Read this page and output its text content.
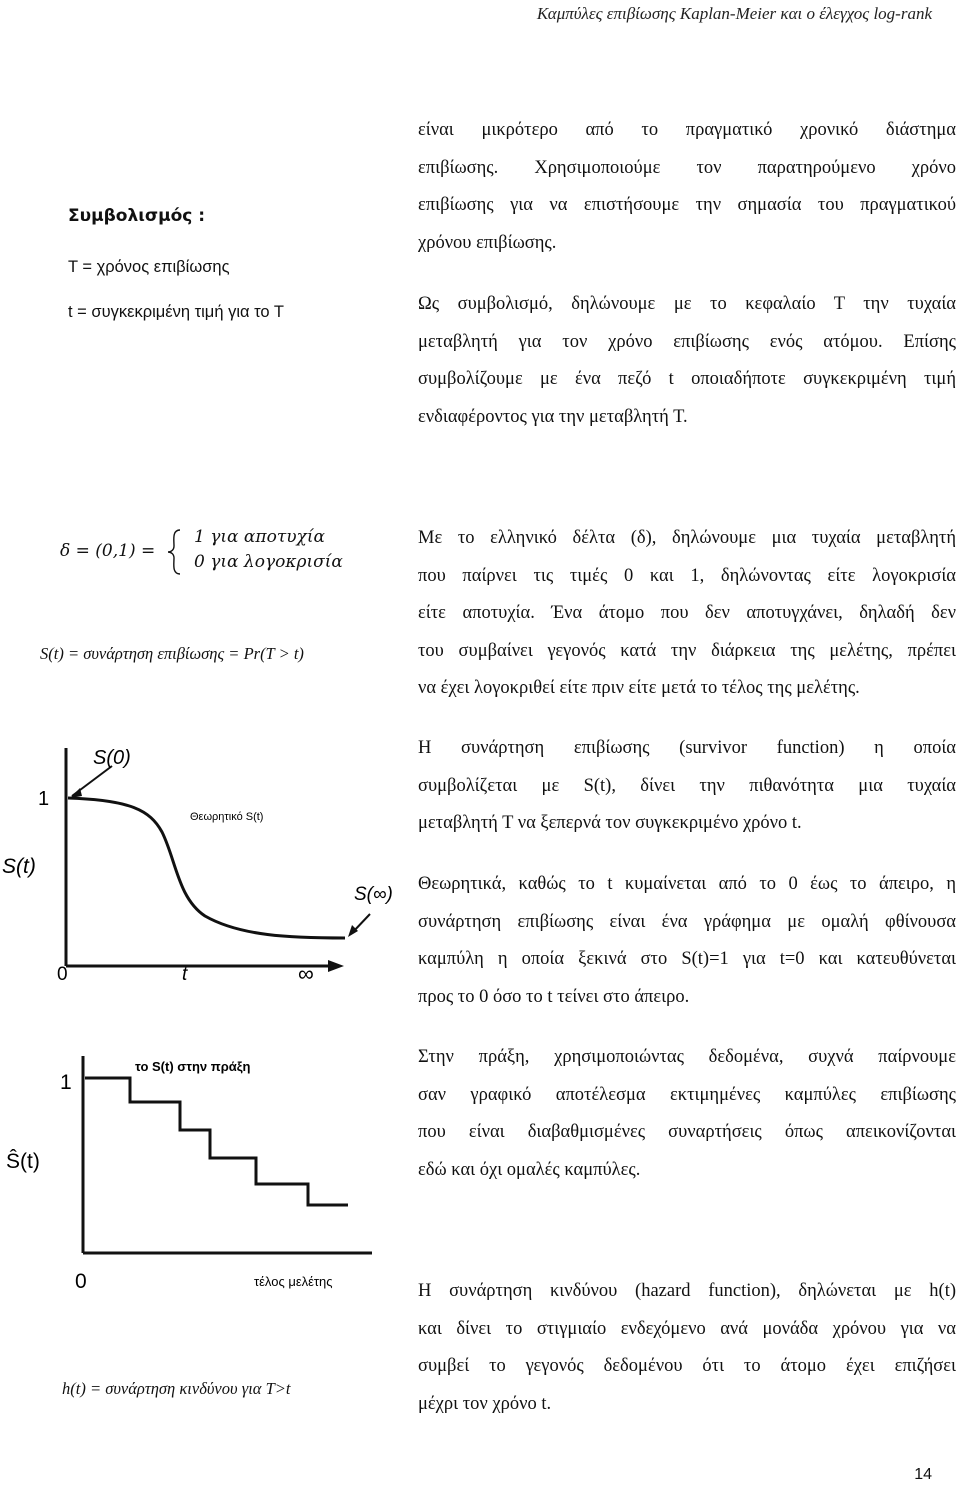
Καμπύλες επιβίωσης Kaplan-Meier και ο έλεγχος log-rank
Συμβολισμός :
Τ = χρόνος επιβίωσης
t = συγκεκριμένη τιμή για το Τ
δ = (0,1) =
1 για αποτυχία
0 για λογοκρισία
S(t) = συνάρτηση επιβίωσης = Pr(T > t)
1
S(t)
S(0)
Θεωρητικό S(t)
S(∞)
0	t	∞
το S(t) στην πράξη
1
Ŝ(t)
0	τέλος μελέτης
h(t) = συνάρτηση κινδύνου για T>t
είναι μικρότερο από το πραγματικό χρονικό διάστημα
επιβίωσης. Χρησιμοποιούμε τον παρατηρούμενο χρόνο
επιβίωσης για να επιστήσουμε την σημασία του πραγματικού
χρόνου επιβίωσης.
Ως συμβολισμό, δηλώνουμε με το κεφαλαίο Τ την τυχαία
μεταβλητή για τον χρόνο επιβίωσης ενός ατόμου. Επίσης
συμβολίζουμε με ένα πεζό t οποιαδήποτε συγκεκριμένη τιμή
ενδιαφέροντος για την μεταβλητή Τ.
Με το ελληνικό δέλτα (δ), δηλώνουμε μια τυχαία μεταβλητή
που παίρνει τις τιμές 0 και 1, δηλώνοντας είτε λογοκρισία
είτε αποτυχία. Ένα άτομο που δεν αποτυγχάνει, δηλαδή δεν
του συμβαίνει γεγονός κατά την διάρκεια της μελέτης, πρέπει
να έχει λογοκριθεί είτε πριν είτε μετά το τέλος της μελέτης.
Η συνάρτηση επιβίωσης (survivor function) η οποία
συμβολίζεται με S(t), δίνει την πιθανότητα μια τυχαία
μεταβλητή Τ να ξεπερνά τον συγκεκριμένο χρόνο t.
Θεωρητικά, καθώς το t κυμαίνεται από το 0 έως το άπειρο, η
συνάρτηση επιβίωσης είναι ένα γράφημα με ομαλή φθίνουσα
καμπύλη η οποία ξεκινά στο S(t)=1 για t=0 και κατευθύνεται
προς το 0 όσο το t τείνει στο άπειρο.
Στην πράξη, χρησιμοποιώντας δεδομένα, συχνά παίρνουμε
σαν γραφικό αποτέλεσμα εκτιμημένες καμπύλες επιβίωσης
που είναι διαβαθμισμένες συναρτήσεις όπως απεικονίζονται
εδώ και όχι ομαλές καμπύλες.
Η συνάρτηση κινδύνου (hazard function), δηλώνεται με h(t)
και δίνει το στιγμιαίο ενδεχόμενο ανά μονάδα χρόνου για να
συμβεί το γεγονός δεδομένου ότι το άτομο έχει επιζήσει
μέχρι τον χρόνο t.
14
